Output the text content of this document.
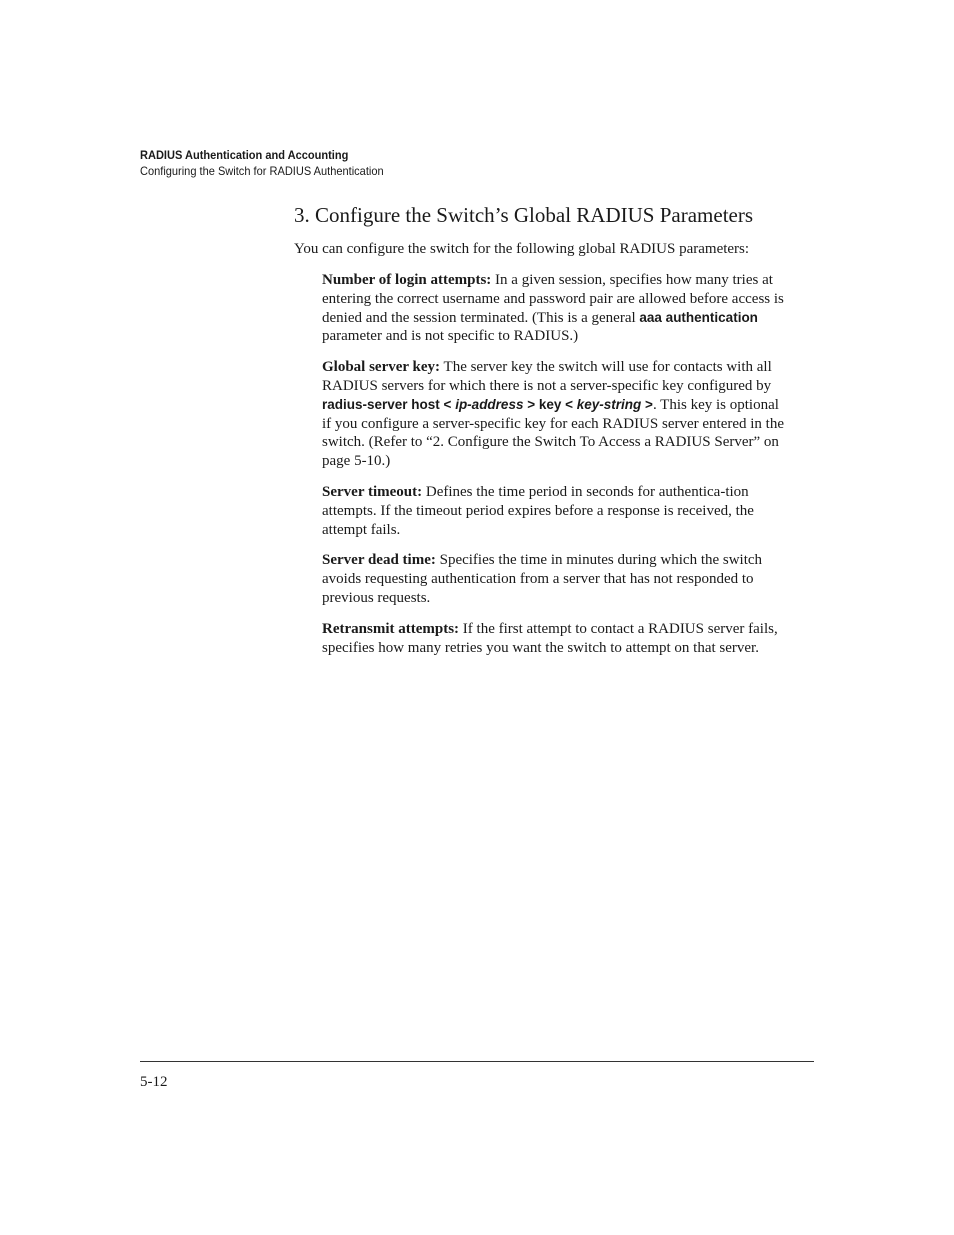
RADIUS Authentication and Accounting
Configuring the Switch for RADIUS Authentication
3. Configure the Switch’s Global RADIUS Parameters

You can configure the switch for the following global RADIUS parameters:

Number of login attempts: In a given session, specifies how many tries at entering the correct username and password pair are allowed before access is denied and the session terminated. (This is a general aaa authentication parameter and is not specific to RADIUS.)

Global server key: The server key the switch will use for contacts with all RADIUS servers for which there is not a server-specific key configured by radius-server host < ip-address > key < key-string >. This key is optional if you configure a server-specific key for each RADIUS server entered in the switch. (Refer to “2. Configure the Switch To Access a RADIUS Server” on page 5-10.)

Server timeout: Defines the time period in seconds for authentica-tion attempts. If the timeout period expires before a response is received, the attempt fails.

Server dead time: Specifies the time in minutes during which the switch avoids requesting authentication from a server that has not responded to previous requests.

Retransmit attempts: If the first attempt to contact a RADIUS server fails, specifies how many retries you want the switch to attempt on that server.

5-12
